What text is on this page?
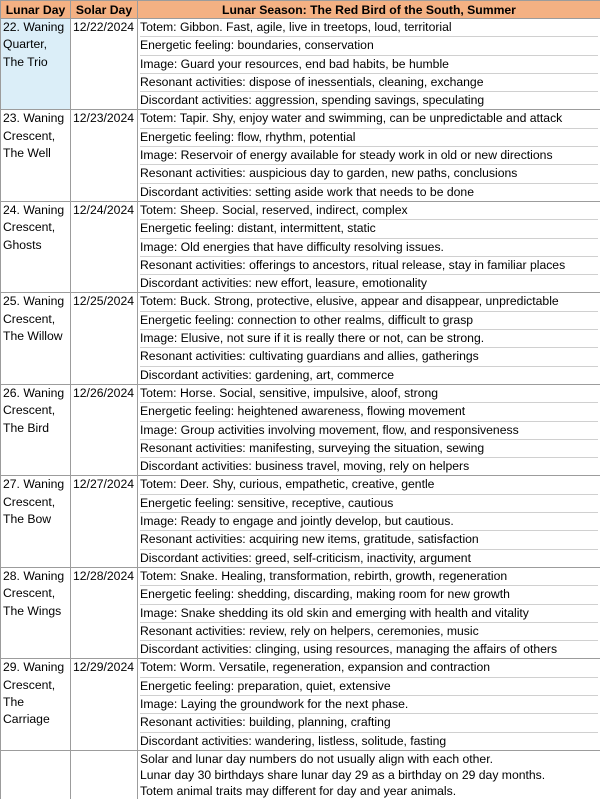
Lunar Day	Solar Day	Lunar Season: The Red Bird of the South, Summer
22. Waning Quarter, The Trio	12/22/2024	Totem: Gibbon. Fast, agile, live in treetops, loud, territorial
Energetic feeling: boundaries, conservation
Image: Guard your resources, end bad habits, be humble
Resonant activities: dispose of inessentials, cleaning, exchange
Discordant activities: aggression, spending savings, speculating

23. Waning Crescent, The Well	12/23/2024	Totem: Tapir. Shy, enjoy water and swimming, can be unpredictable and attack
Energetic feeling: flow, rhythm, potential
Image: Reservoir of energy available for steady work in old or new directions
Resonant activities: auspicious day to garden, new paths, conclusions
Discordant activities: setting aside work that needs to be done

24. Waning Crescent, Ghosts	12/24/2024	Totem: Sheep. Social, reserved, indirect, complex
Energetic feeling: distant, intermittent, static
Image: Old energies that have difficulty resolving issues.
Resonant activities: offerings to ancestors, ritual release, stay in familiar places
Discordant activities: new effort, leasure, emotionality

25. Waning Crescent, The Willow	12/25/2024	Totem: Buck. Strong, protective, elusive, appear and disappear, unpredictable
Energetic feeling: connection to other realms, difficult to grasp
Image: Elusive, not sure if it is really there or not, can be strong.
Resonant activities: cultivating guardians and allies, gatherings
Discordant activities: gardening, art, commerce

26. Waning Crescent, The Bird	12/26/2024	Totem: Horse. Social, sensitive, impulsive, aloof, strong
Energetic feeling: heightened awareness, flowing movement
Image: Group activities involving movement, flow, and responsiveness
Resonant activities: manifesting, surveying the situation, sewing
Discordant activities: business travel, moving, rely on helpers

27. Waning Crescent, The Bow	12/27/2024	Totem: Deer. Shy, curious, empathetic, creative, gentle
Energetic feeling: sensitive, receptive, cautious
Image: Ready to engage and jointly develop, but cautious.
Resonant activities: acquiring new items, gratitude, satisfaction
Discordant activities: greed, self-criticism, inactivity, argument

28. Waning Crescent, The Wings	12/28/2024	Totem: Snake. Healing, transformation, rebirth, growth, regeneration
Energetic feeling: shedding, discarding, making room for new growth
Image: Snake shedding its old skin and emerging with health and vitality
Resonant activities: review, rely on helpers, ceremonies, music
Discordant activities: clinging, using resources, managing the affairs of others

29. Waning Crescent, The Carriage	12/29/2024	Totem: Worm. Versatile, regeneration, expansion and contraction
Energetic feeling: preparation, quiet, extensive
Image: Laying the groundwork for the next phase.
Resonant activities: building, planning, crafting
Discordant activities: wandering, listless, solitude, fasting

		Solar and lunar day numbers do not usually align with each other.
Lunar day 30 birthdays share lunar day 29 as a birthday on 29 day months.
Totem animal traits may different for day and year animals.
